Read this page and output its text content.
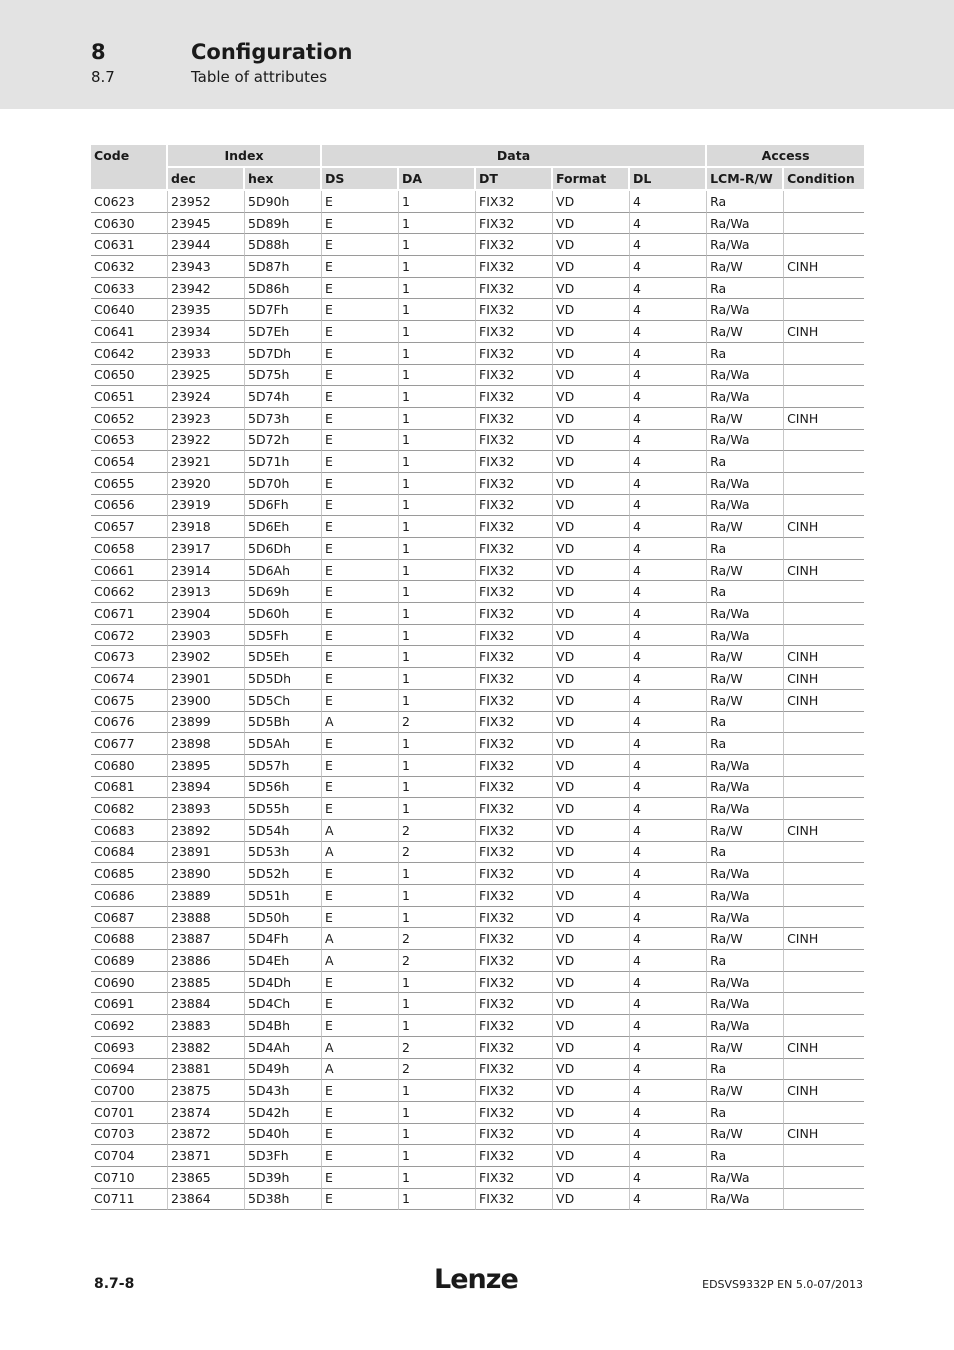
8	Configuration
8.7	Table of attributes
Code	Index		Data					Access	
	dec	hex	DS	DA	DT	Format	DL	LCM-R/W	Condition
C0623	23952	5D90h	E	1	FIX32	VD	4	Ra	
C0630	23945	5D89h	E	1	FIX32	VD	4	Ra/Wa	
C0631	23944	5D88h	E	1	FIX32	VD	4	Ra/Wa	
C0632	23943	5D87h	E	1	FIX32	VD	4	Ra/W	CINH
C0633	23942	5D86h	E	1	FIX32	VD	4	Ra	
C0640	23935	5D7Fh	E	1	FIX32	VD	4	Ra/Wa	
C0641	23934	5D7Eh	E	1	FIX32	VD	4	Ra/W	CINH
C0642	23933	5D7Dh	E	1	FIX32	VD	4	Ra	
C0650	23925	5D75h	E	1	FIX32	VD	4	Ra/Wa	
C0651	23924	5D74h	E	1	FIX32	VD	4	Ra/Wa	
C0652	23923	5D73h	E	1	FIX32	VD	4	Ra/W	CINH
C0653	23922	5D72h	E	1	FIX32	VD	4	Ra/Wa	
C0654	23921	5D71h	E	1	FIX32	VD	4	Ra	
C0655	23920	5D70h	E	1	FIX32	VD	4	Ra/Wa	
C0656	23919	5D6Fh	E	1	FIX32	VD	4	Ra/Wa	
C0657	23918	5D6Eh	E	1	FIX32	VD	4	Ra/W	CINH
C0658	23917	5D6Dh	E	1	FIX32	VD	4	Ra	
C0661	23914	5D6Ah	E	1	FIX32	VD	4	Ra/W	CINH
C0662	23913	5D69h	E	1	FIX32	VD	4	Ra	
C0671	23904	5D60h	E	1	FIX32	VD	4	Ra/Wa	
C0672	23903	5D5Fh	E	1	FIX32	VD	4	Ra/Wa	
C0673	23902	5D5Eh	E	1	FIX32	VD	4	Ra/W	CINH
C0674	23901	5D5Dh	E	1	FIX32	VD	4	Ra/W	CINH
C0675	23900	5D5Ch	E	1	FIX32	VD	4	Ra/W	CINH
C0676	23899	5D5Bh	A	2	FIX32	VD	4	Ra	
C0677	23898	5D5Ah	E	1	FIX32	VD	4	Ra	
C0680	23895	5D57h	E	1	FIX32	VD	4	Ra/Wa	
C0681	23894	5D56h	E	1	FIX32	VD	4	Ra/Wa	
C0682	23893	5D55h	E	1	FIX32	VD	4	Ra/Wa	
C0683	23892	5D54h	A	2	FIX32	VD	4	Ra/W	CINH
C0684	23891	5D53h	A	2	FIX32	VD	4	Ra	
C0685	23890	5D52h	E	1	FIX32	VD	4	Ra/Wa	
C0686	23889	5D51h	E	1	FIX32	VD	4	Ra/Wa	
C0687	23888	5D50h	E	1	FIX32	VD	4	Ra/Wa	
C0688	23887	5D4Fh	A	2	FIX32	VD	4	Ra/W	CINH
C0689	23886	5D4Eh	A	2	FIX32	VD	4	Ra	
C0690	23885	5D4Dh	E	1	FIX32	VD	4	Ra/Wa	
C0691	23884	5D4Ch	E	1	FIX32	VD	4	Ra/Wa	
C0692	23883	5D4Bh	E	1	FIX32	VD	4	Ra/Wa	
C0693	23882	5D4Ah	A	2	FIX32	VD	4	Ra/W	CINH
C0694	23881	5D49h	A	2	FIX32	VD	4	Ra	
C0700	23875	5D43h	E	1	FIX32	VD	4	Ra/W	CINH
C0701	23874	5D42h	E	1	FIX32	VD	4	Ra	
C0703	23872	5D40h	E	1	FIX32	VD	4	Ra/W	CINH
C0704	23871	5D3Fh	E	1	FIX32	VD	4	Ra	
C0710	23865	5D39h	E	1	FIX32	VD	4	Ra/Wa	
C0711	23864	5D38h	E	1	FIX32	VD	4	Ra/Wa	
8.7-8	Lenze	EDSVS9332P EN 5.0-07/2013
